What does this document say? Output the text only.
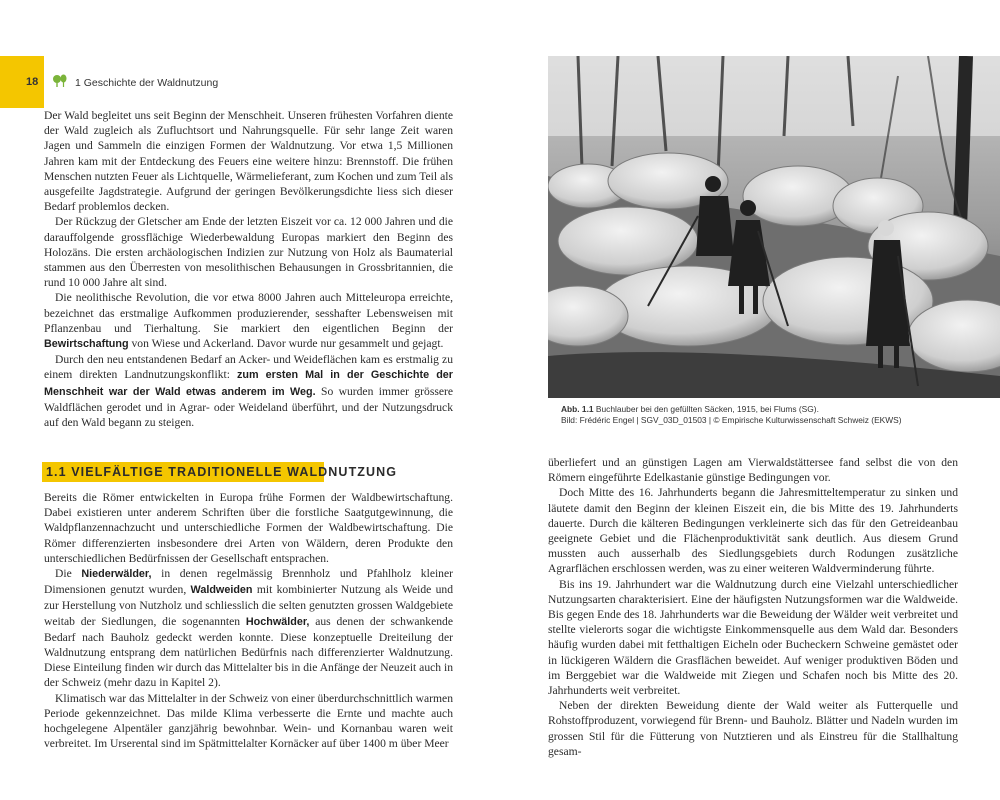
18	1 Geschichte der Waldnutzung

Der Wald begleitet uns seit Beginn der Menschheit. Unseren frühesten Vorfahren diente der Wald zugleich als Zufluchtsort und Nahrungsquelle. Für sehr lange Zeit waren Jagen und Sammeln die einzigen Formen der Waldnutzung. Vor etwa 1,5 Millionen Jahren kam mit der Entdeckung des Feuers eine weitere hinzu: Brennstoff. Die frühen Menschen nutzten Feuer als Lichtquelle, Wärmelieferant, zum Kochen und zum Teil als ausgefeilte Jagdstrategie. Aufgrund der geringen Bevölkerungsdichte liess sich dieser Bedarf problemlos decken.

Der Rückzug der Gletscher am Ende der letzten Eiszeit vor ca. 12 000 Jahren und die darauffolgende grossflächige Wiederbewaldung Europas markiert den Beginn des Holozäns. Die ersten archäologischen Indizien zur Nutzung von Holz als Baumaterial stammen aus den Überresten von mesolithischen Behausungen in Grossbritannien, die rund 10 000 Jahre alt sind.

Die neolithische Revolution, die vor etwa 8000 Jahren auch Mitteleuropa erreichte, bezeichnet das erstmalige Aufkommen produzierender, sesshafter Lebensweisen mit Pflanzenbau und Tierhaltung. Sie markiert den eigentlichen Beginn der Bewirtschaftung von Wiese und Ackerland. Davor wurde nur gesammelt und gejagt.

Durch den neu entstandenen Bedarf an Acker- und Weideflächen kam es erstmalig zu einem direkten Landnutzungskonflikt: zum ersten Mal in der Geschichte der Menschheit war der Wald etwas anderem im Weg. So wurden immer grössere Waldflächen gerodet und in Agrar- oder Weideland überführt, und der Nutzungsdruck auf den Wald begann zu steigen.

1.1 VIELFÄLTIGE TRADITIONELLE WALDNUTZUNG

Bereits die Römer entwickelten in Europa frühe Formen der Waldbewirtschaftung. Dabei existieren unter anderem Schriften über die forstliche Saatgutgewinnung, die Waldpflanzennachzucht und unterschiedliche Formen der Waldbewirtschaftung. Die Römer differenzierten insbesondere drei Arten von Wäldern, deren Produkte den unterschiedlichen Bedürfnissen der Gesellschaft entsprachen.

Die Niederwälder, in denen regelmässig Brennholz und Pfahlholz kleiner Dimensionen genutzt wurden, Waldweiden mit kombinierter Nutzung als Weide und zur Herstellung von Nutzholz und schliesslich die selten genutzten grossen Waldgebiete weitab der Siedlungen, die sogenannten Hochwälder, aus denen der schwankende Bedarf nach Bauholz gedeckt werden konnte. Diese konzeptuelle Dreiteilung der Waldnutzung entsprang dem natürlichen Bedürfnis nach differenzierter Waldnutzung. Diese Einteilung finden wir durch das Mittelalter bis in die Anfänge der Neuzeit auch in der Schweiz (mehr dazu in Kapitel 2).

Klimatisch war das Mittelalter in der Schweiz von einer überdurchschnittlich warmen Periode gekennzeichnet. Das milde Klima verbesserte die Ernte und machte auch hochgelegene Alpentäler ganzjährig bewohnbar. Wein- und Kornanbau waren weit verbreitet. Im Urserental sind im Spätmittelalter Kornäcker auf über 1400 m über Meer

Abb. 1.1 Buchlauber bei den gefüllten Säcken, 1915, bei Flums (SG).
Bild: Frédéric Engel | SGV_03D_01503 | © Empirische Kulturwissenschaft Schweiz (EKWS)

überliefert und an günstigen Lagen am Vierwaldstättersee fand selbst die von den Römern eingeführte Edelkastanie günstige Bedingungen vor.

Doch Mitte des 16. Jahrhunderts begann die Jahresmitteltemperatur zu sinken und läutete damit den Beginn der kleinen Eiszeit ein, die bis Mitte des 19. Jahrhunderts dauerte. Durch die kälteren Bedingungen verkleinerte sich das für den Getreideanbau geeignete Gebiet und die Flächenproduktivität sank deutlich. Aus diesem Grund mussten auch ausserhalb des Siedlungsgebiets durch Rodungen zusätzliche Agrarflächen erschlossen werden, was zu einer weiteren Waldverminderung führte.

Bis ins 19. Jahrhundert war die Waldnutzung durch eine Vielzahl unterschiedlicher Nutzungsarten charakterisiert. Eine der häufigsten Nutzungsformen war die Waldweide. Bis gegen Ende des 18. Jahrhunderts war die Beweidung der Wälder weit verbreitet und stellte vielerorts sogar die wichtigste Einkommensquelle aus dem Wald dar. Besonders häufig wurden dabei mit fetthaltigen Eicheln oder Bucheckern Schweine gemästet oder in lückigeren Wäldern die Grasflächen beweidet. Auf weniger produktiven Böden und im Berggebiet war die Waldweide mit Ziegen und Schafen noch bis Mitte des 20. Jahrhunderts weit verbreitet.

Neben der direkten Beweidung diente der Wald weiter als Futterquelle und Rohstoffproduzent, vorwiegend für Brenn- und Bauholz. Blätter und Nadeln wurden im grossen Stil für die Fütterung von Nutztieren und als Einstreu für die Stallhaltung gesam-
